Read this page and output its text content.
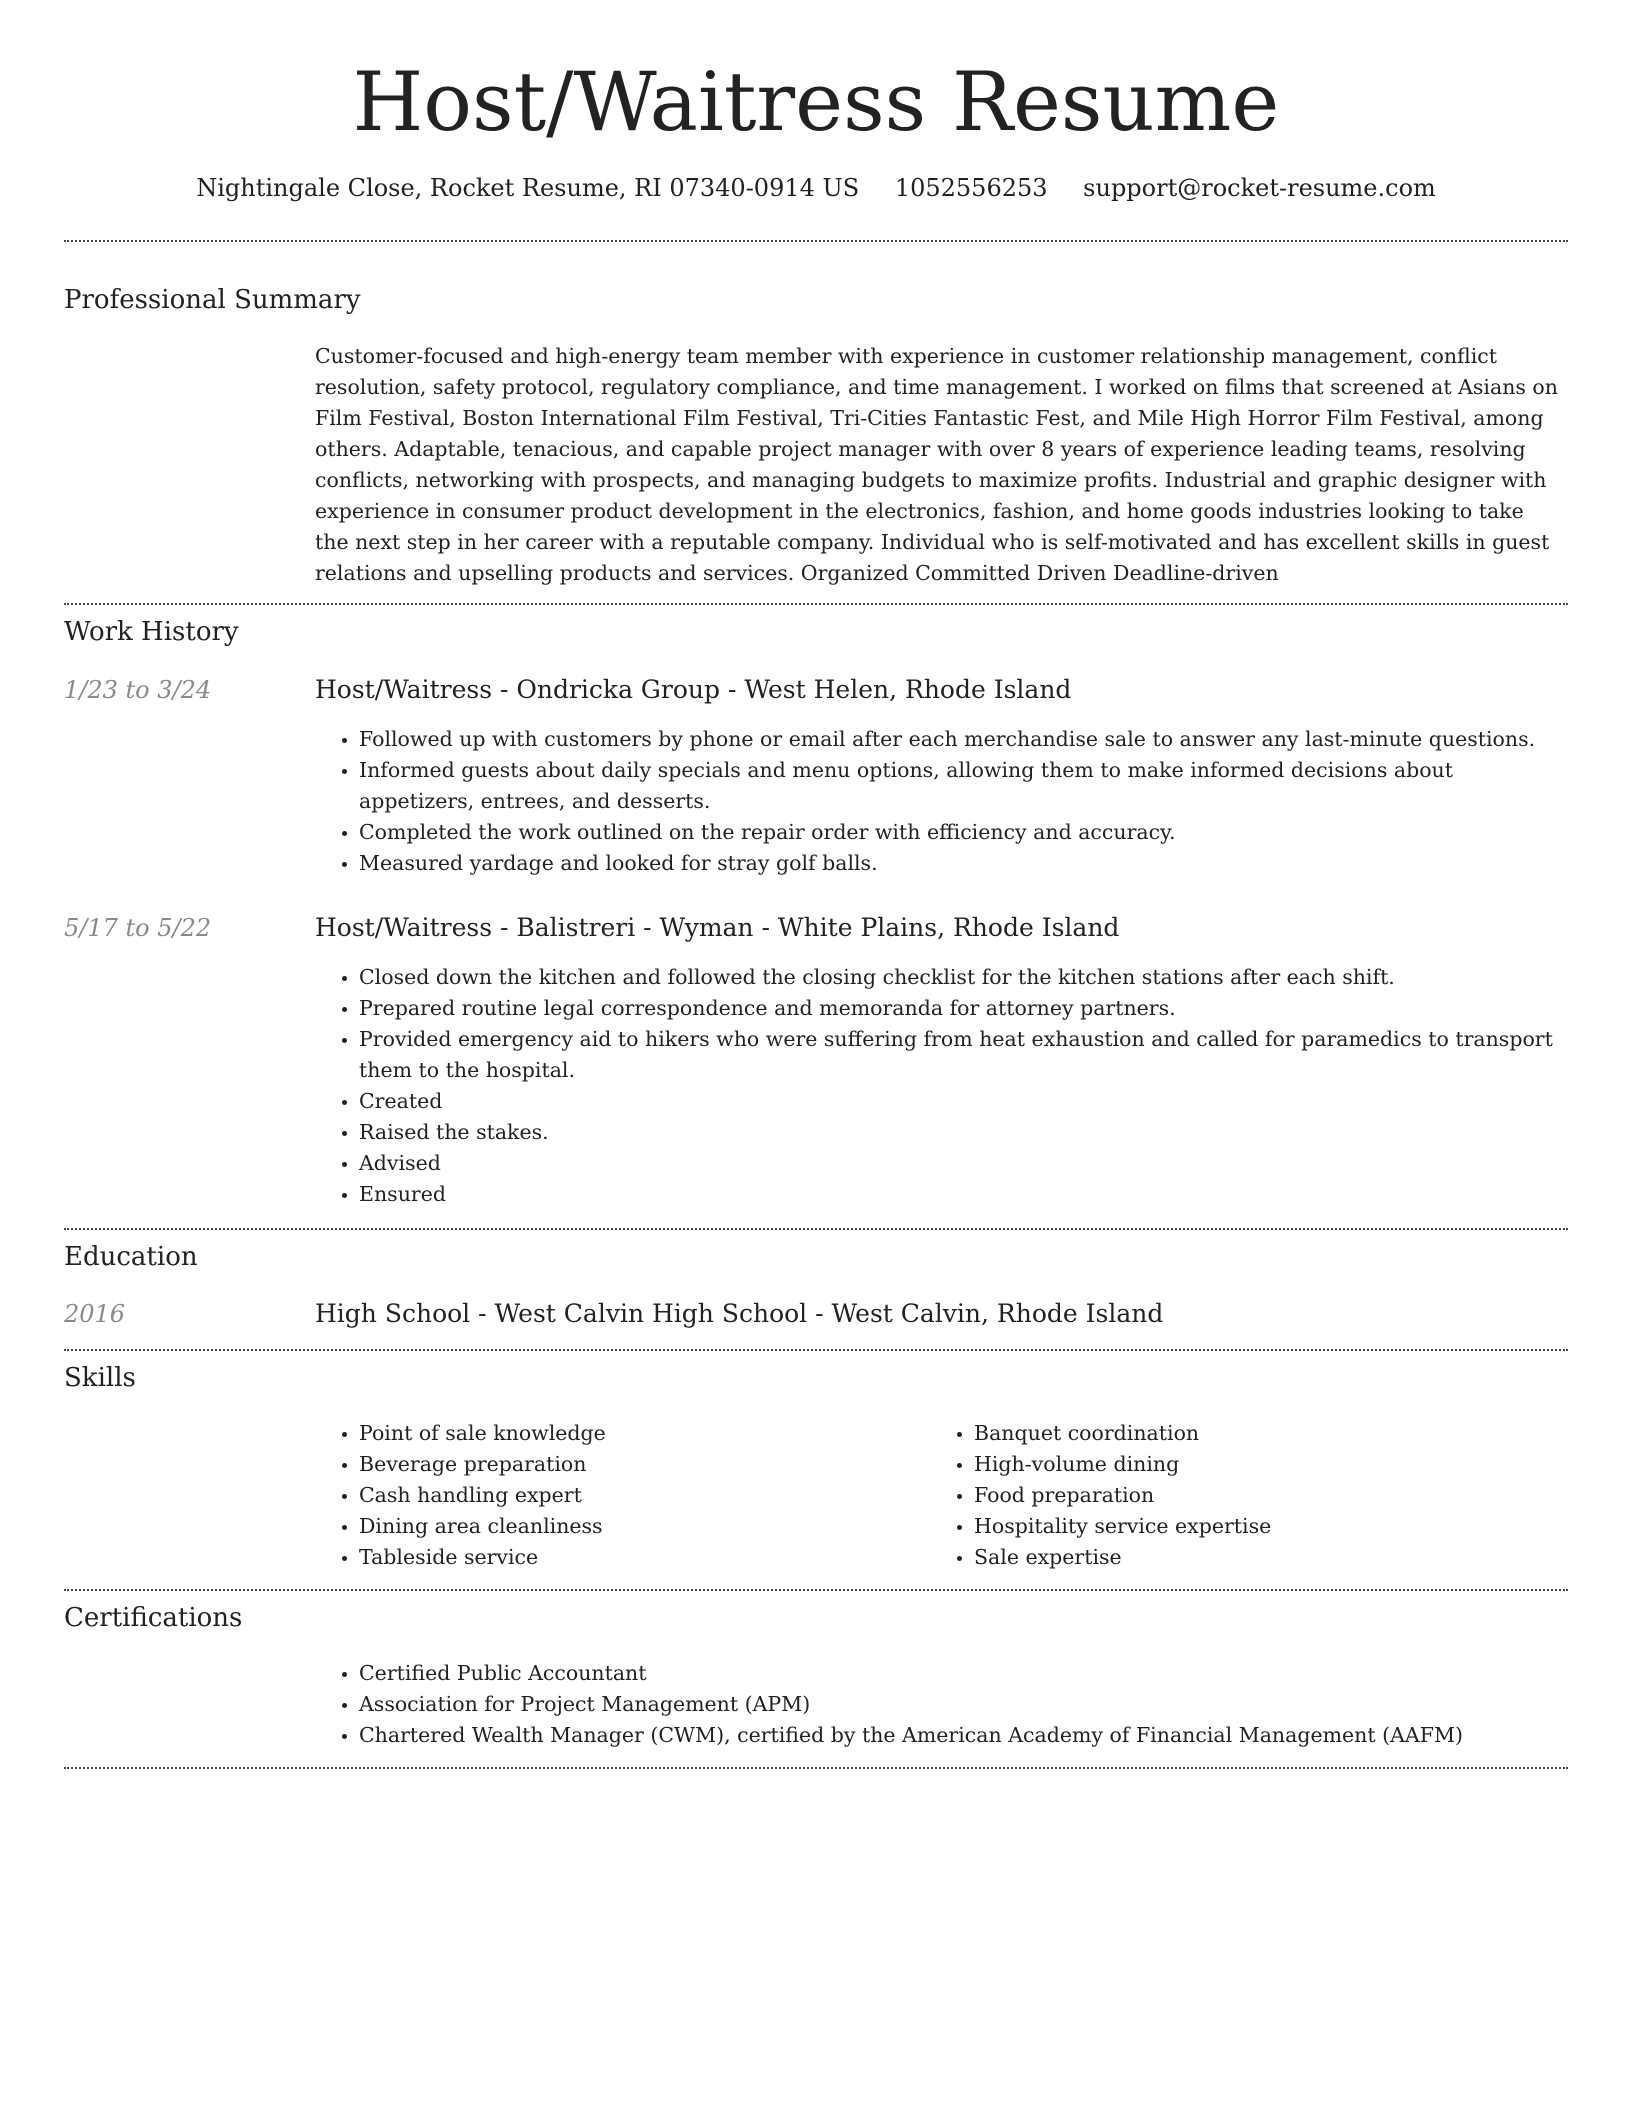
Host/Waitress Resume
Nightingale Close, Rocket Resume, RI 07340-0914 US 1052556253 support@rocket-resume.com
Professional Summary
Customer-focused and high-energy team member with experience in customer relationship management, conflict resolution, safety protocol, regulatory compliance, and time management. I worked on films that screened at Asians on Film Festival, Boston International Film Festival, Tri-Cities Fantastic Fest, and Mile High Horror Film Festival, among others. Adaptable, tenacious, and capable project manager with over 8 years of experience leading teams, resolving conflicts, networking with prospects, and managing budgets to maximize profits. Industrial and graphic designer with experience in consumer product development in the electronics, fashion, and home goods industries looking to take the next step in her career with a reputable company. Individual who is self-motivated and has excellent skills in guest relations and upselling products and services. Organized Committed Driven Deadline-driven
Work History
1/23 to 3/24	Host/Waitress - Ondricka Group - West Helen, Rhode Island
• Followed up with customers by phone or email after each merchandise sale to answer any last-minute questions.
• Informed guests about daily specials and menu options, allowing them to make informed decisions about appetizers, entrees, and desserts.
• Completed the work outlined on the repair order with efficiency and accuracy.
• Measured yardage and looked for stray golf balls.
5/17 to 5/22	Host/Waitress - Balistreri - Wyman - White Plains, Rhode Island
• Closed down the kitchen and followed the closing checklist for the kitchen stations after each shift.
• Prepared routine legal correspondence and memoranda for attorney partners.
• Provided emergency aid to hikers who were suffering from heat exhaustion and called for paramedics to transport them to the hospital.
• Created
• Raised the stakes.
• Advised
• Ensured
Education
2016	High School - West Calvin High School - West Calvin, Rhode Island
Skills
• Point of sale knowledge
• Beverage preparation
• Cash handling expert
• Dining area cleanliness
• Tableside service
• Banquet coordination
• High-volume dining
• Food preparation
• Hospitality service expertise
• Sale expertise
Certifications
• Certified Public Accountant
• Association for Project Management (APM)
• Chartered Wealth Manager (CWM), certified by the American Academy of Financial Management (AAFM)
